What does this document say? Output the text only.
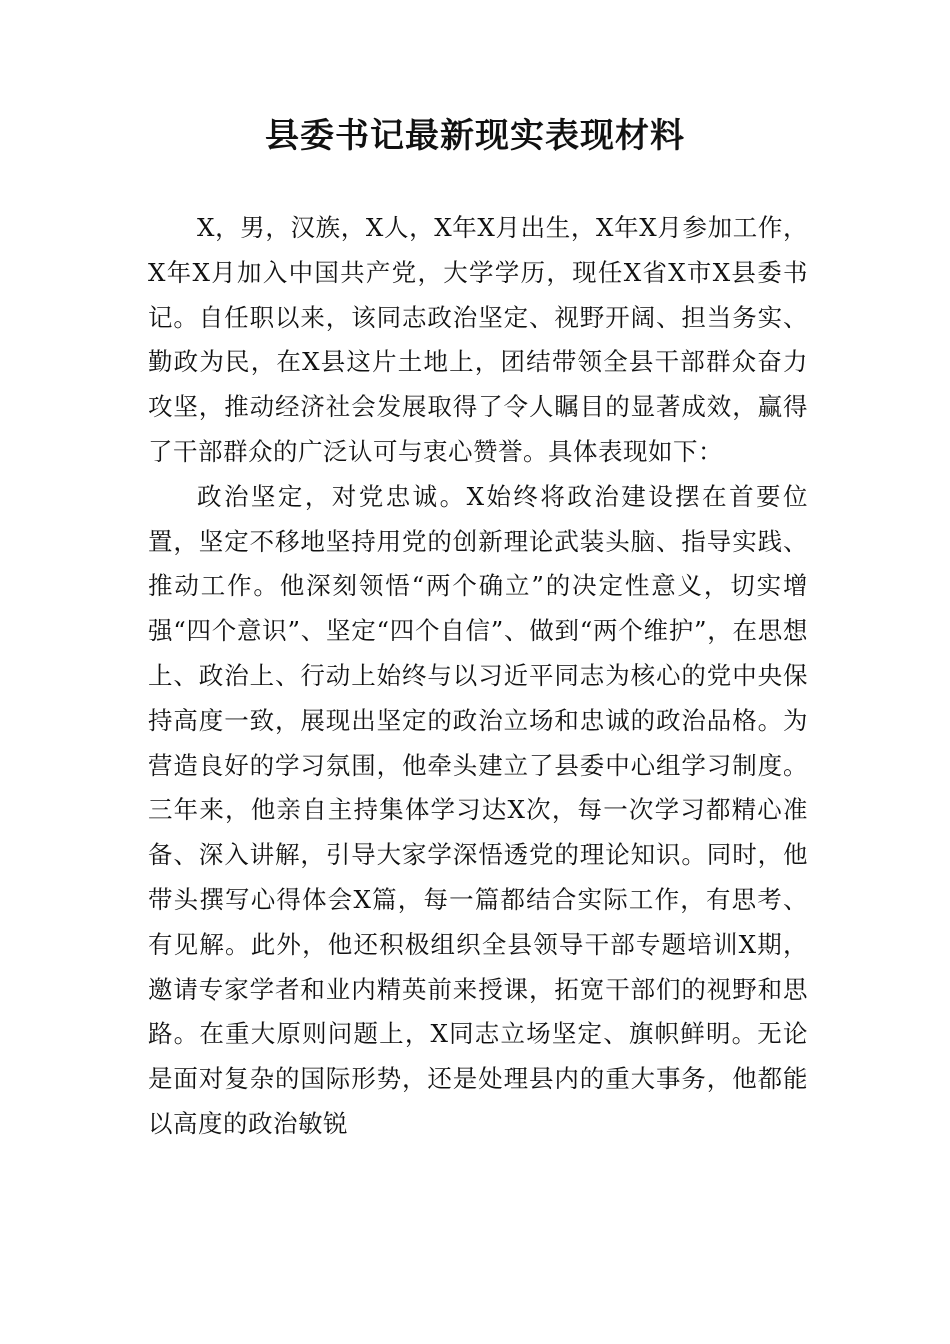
县委书记最新现实表现材料

X，男，汉族，X人，X年X月出生，X年X月参加工作，X年X月加入中国共产党，大学学历，现任X省X市X县委书记。自任职以来，该同志政治坚定、视野开阔、担当务实、勤政为民，在X县这片土地上，团结带领全县干部群众奋力攻坚，推动经济社会发展取得了令人瞩目的显著成效，赢得了干部群众的广泛认可与衷心赞誉。具体表现如下：

政治坚定，对党忠诚。X始终将政治建设摆在首要位置，坚定不移地坚持用党的创新理论武装头脑、指导实践、推动工作。他深刻领悟“两个确立”的决定性意义，切实增强“四个意识”、坚定“四个自信”、做到“两个维护”，在思想上、政治上、行动上始终与以习近平同志为核心的党中央保持高度一致，展现出坚定的政治立场和忠诚的政治品格。为营造良好的学习氛围，他牵头建立了县委中心组学习制度。三年来，他亲自主持集体学习达X次，每一次学习都精心准备、深入讲解，引导大家学深悟透党的理论知识。同时，他带头撰写心得体会X篇，每一篇都结合实际工作，有思考、有见解。此外，他还积极组织全县领导干部专题培训X期，邀请专家学者和业内精英前来授课，拓宽干部们的视野和思路。在重大原则问题上，X同志立场坚定、旗帜鲜明。无论是面对复杂的国际形势，还是处理县内的重大事务，他都能以高度的政治敏锐
